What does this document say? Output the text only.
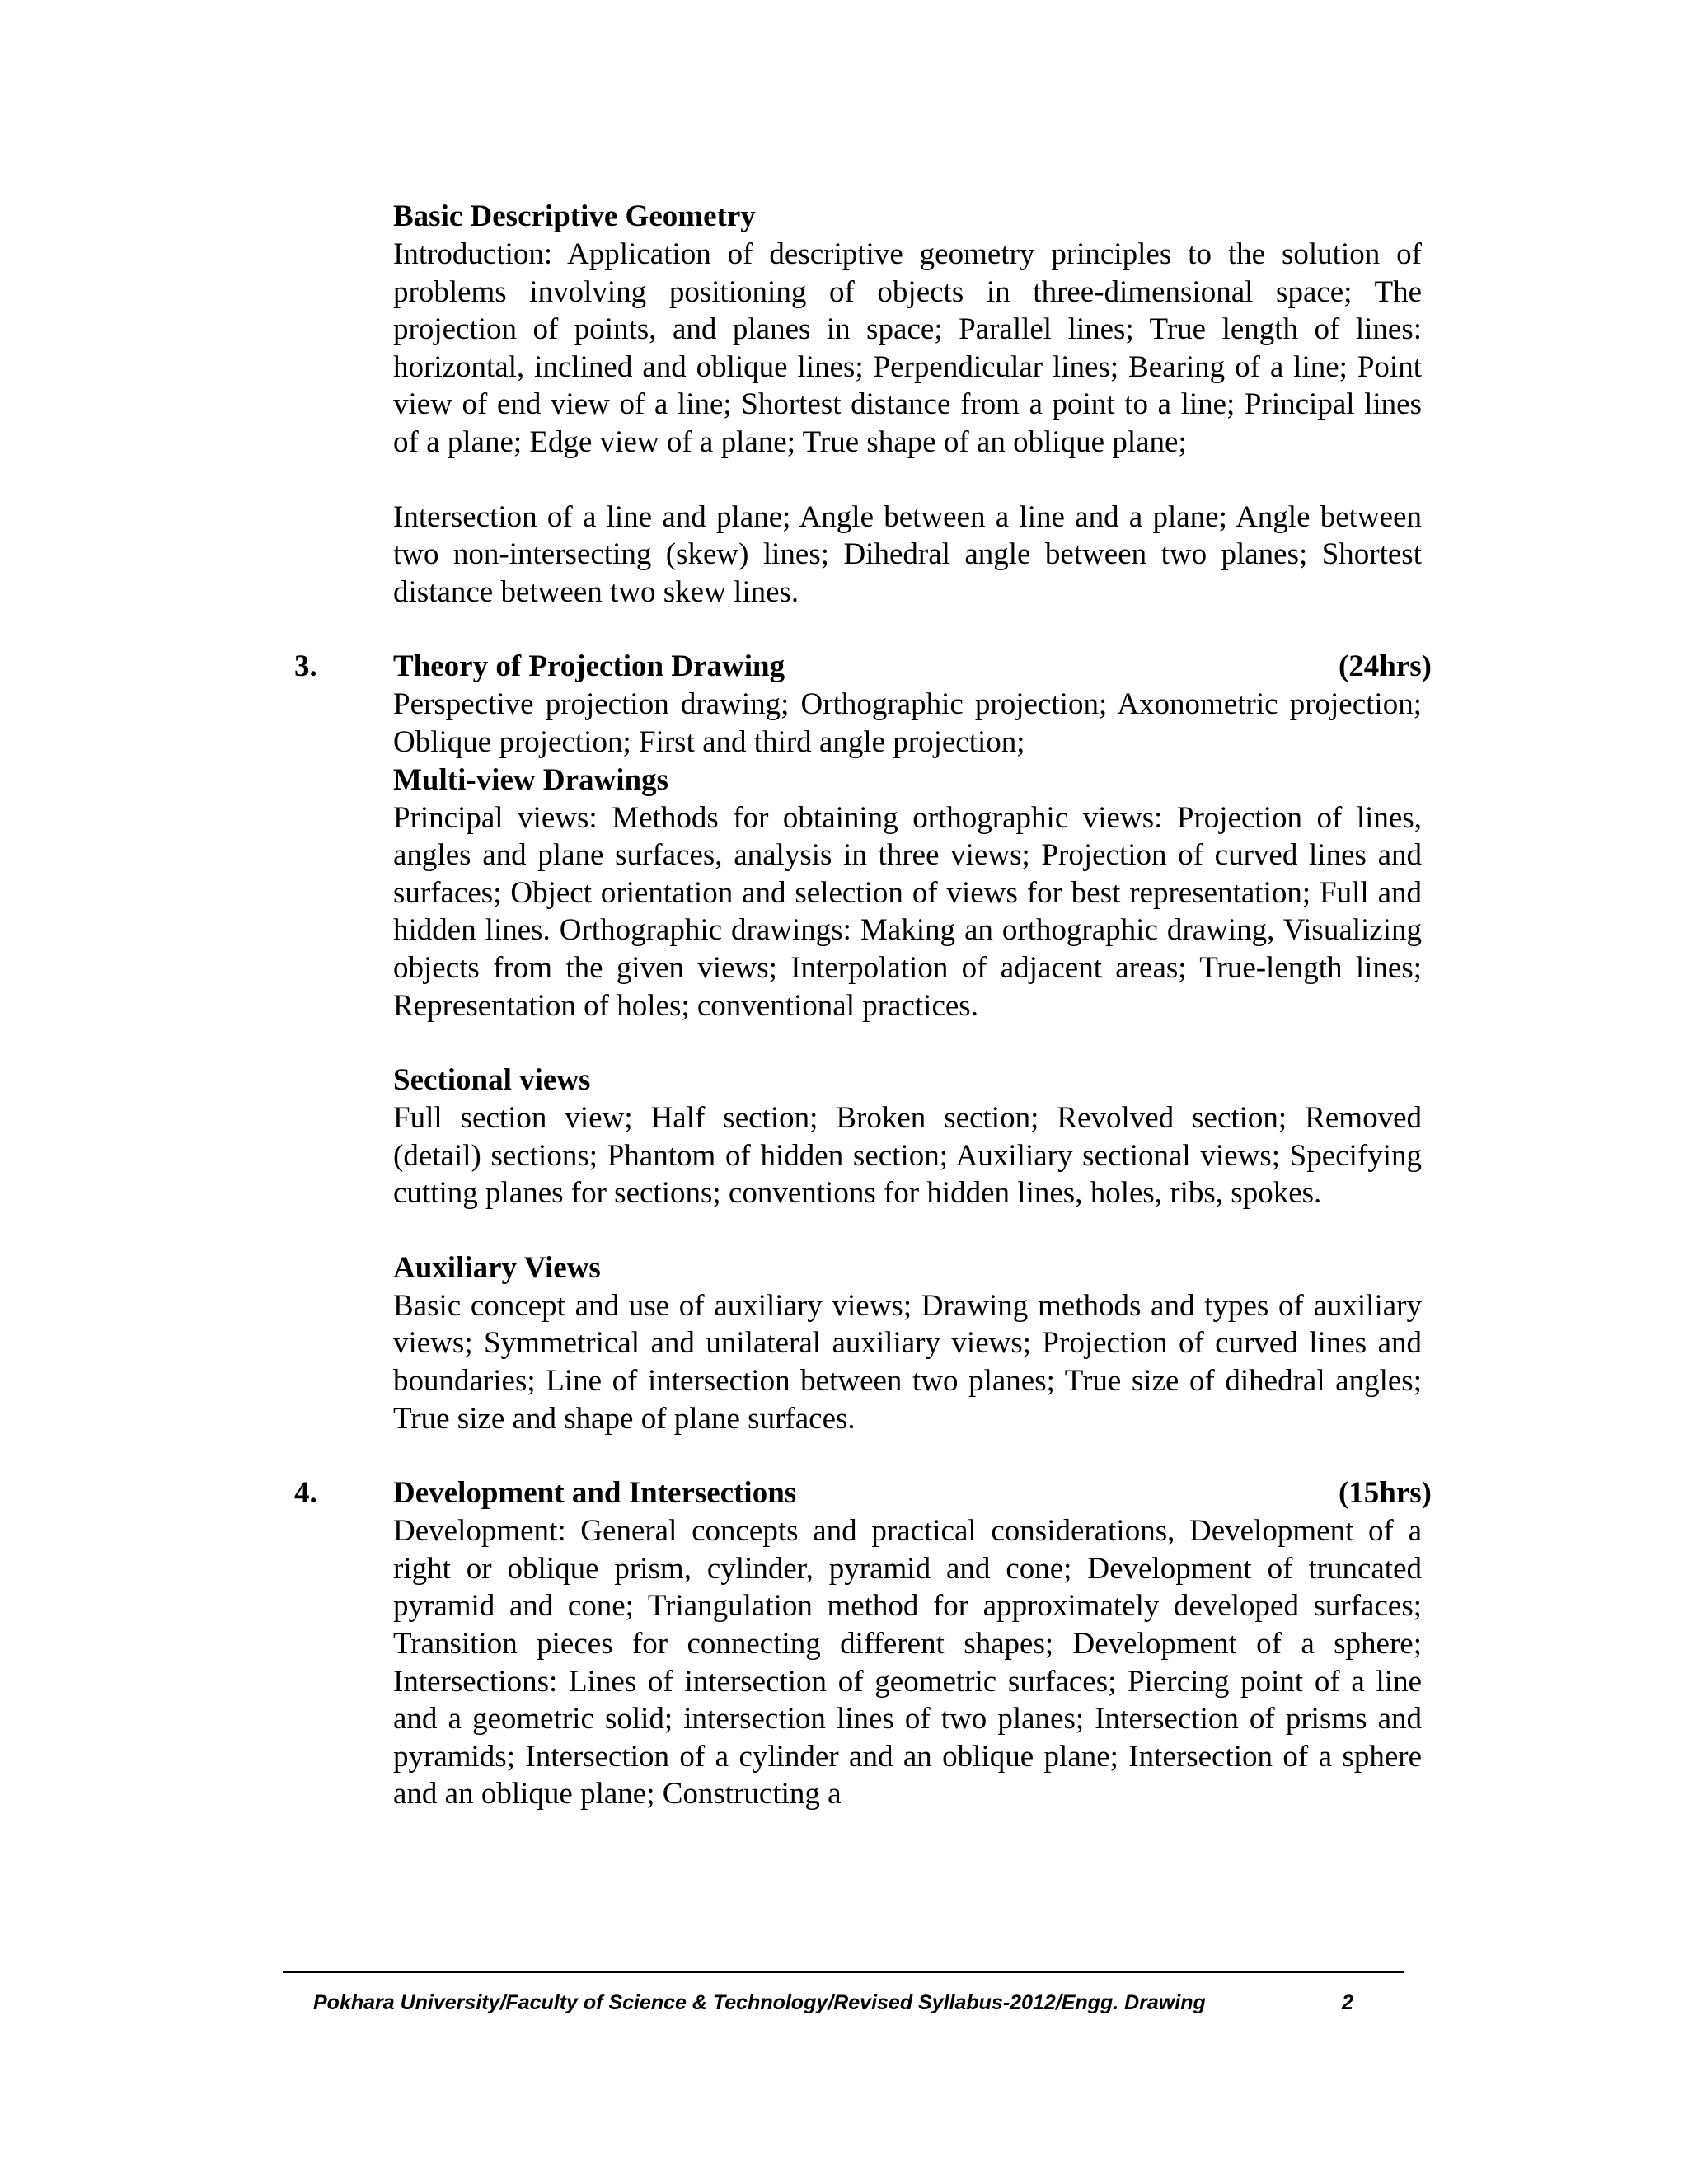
Basic Descriptive Geometry
Introduction: Application of descriptive geometry principles to the solution of problems involving positioning of objects in three-dimensional space; The projection of points, and planes in space; Parallel lines; True length of lines: horizontal, inclined and oblique lines; Perpendicular lines; Bearing of a line; Point view of end view of a line; Shortest distance from a point to a line; Principal lines of a plane; Edge view of a plane; True shape of an oblique plane;
Intersection of a line and plane; Angle between a line and a plane; Angle between two non-intersecting (skew) lines; Dihedral angle between two planes; Shortest distance between two skew lines.
3. Theory of Projection Drawing	(24hrs)
Perspective projection drawing; Orthographic projection; Axonometric projection; Oblique projection; First and third angle projection;
Multi-view Drawings
Principal views: Methods for obtaining orthographic views: Projection of lines, angles and plane surfaces, analysis in three views; Projection of curved lines and surfaces; Object orientation and selection of views for best representation; Full and hidden lines. Orthographic drawings: Making an orthographic drawing, Visualizing objects from the given views; Interpolation of adjacent areas; True-length lines; Representation of holes; conventional practices.
Sectional views
Full section view; Half section; Broken section; Revolved section; Removed (detail) sections; Phantom of hidden section; Auxiliary sectional views; Specifying cutting planes for sections; conventions for hidden lines, holes, ribs, spokes.
Auxiliary Views
Basic concept and use of auxiliary views; Drawing methods and types of auxiliary views; Symmetrical and unilateral auxiliary views; Projection of curved lines and boundaries; Line of intersection between two planes; True size of dihedral angles; True size and shape of plane surfaces.
4. Development and Intersections	(15hrs)
Development: General concepts and practical considerations, Development of a right or oblique prism, cylinder, pyramid and cone; Development of truncated pyramid and cone; Triangulation method for approximately developed surfaces; Transition pieces for connecting different shapes; Development of a sphere; Intersections: Lines of intersection of geometric surfaces; Piercing point of a line and a geometric solid; intersection lines of two planes; Intersection of prisms and pyramids; Intersection of a cylinder and an oblique plane; Intersection of a sphere and an oblique plane; Constructing a
Pokhara University/Faculty of Science & Technology/Revised Syllabus-2012/Engg. Drawing	2
